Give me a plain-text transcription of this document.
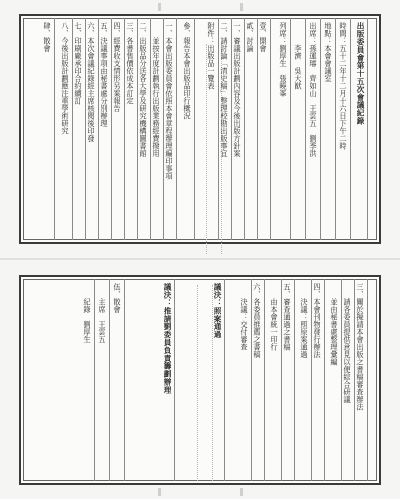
出版委員會第十五次會議紀錄
時間：五十二年十二月十六日下午二時
地點：本會會議室
出席：孫運璿　齊如山　王雲五　劉季洪
　　　李濟　吳大猷
列席：劉厚生　張曉峯
壹、開會
貳、討論
一、審議出版計劃內容及今後出版方針案
二、請討論「清史稿」整理校勘出版事宜
附件：出版品一覽表
參、報告本會出版品印行概況
一、本會出版委員會依照本會章程辦理編印事項
　　並按年度計劃執行出版業務經費撥用
二、出版品分送各大學及研究機構圖書館
三、各書售價依成本訂定
四、經費收支情形另案報告
五、決議事項由秘書處分別辦理
六、本次會議紀錄經主席核閱後印發
七、印刷廠承印合約續訂
八、今後出版計劃應注重學術研究
肆、散會
三、關於擬請本會出版之書稿審查辦法
　　請各委員提供意見以便綜合研議
　　並由秘書處整理彙編
四、本會刊物發行辦法
　　決議：照原案通過
五、審查通過之書稿
　　由本會統一印行
六、各委員推薦之書稿
　　決議：交付審查
議決：照案通過
議決：推請劉委員負責籌劃辦理
伍、散會
　　主席　王雲五
　　紀錄　劉厚生
